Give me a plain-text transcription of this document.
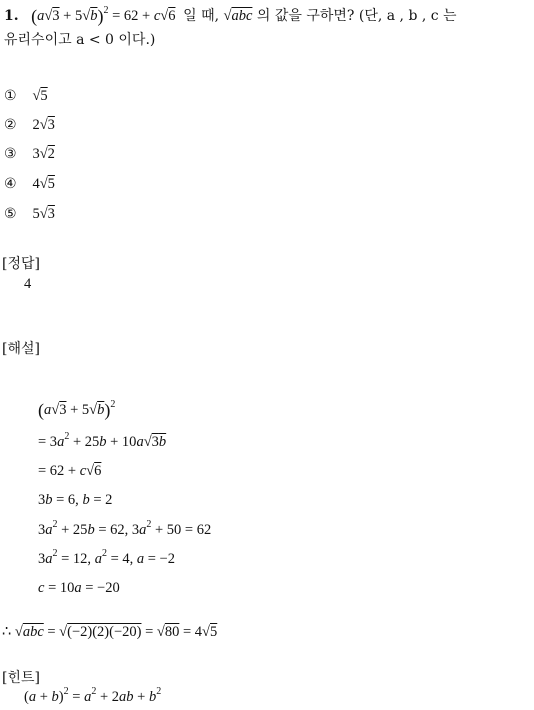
1. $(a√3 + 5√b)^2 = 62 + c√6$ 일 때, √abc 의 값을 구하면? (단, a , b , c 는
유리수이고 a < 0 이다.)
① √5
② 2√3
③ 3√2
④ 4√5
⑤ 5√3
[정답]
4
[해설]
$(a√3 + 5√b)^2$
= $3a^2 + 25b + 10a√3b$
= 62 + c√6
3b = 6, b = 2
$3a^2 + 25b = 62$, $3a^2 + 50 = 62$
$3a^2 = 12$, $a^2 = 4$, a = −2
c = 10a = −20
∴ √abc = √(−2)(2)(−20) = √80 = 4√5
[힌트]
$(a + b)^2 = a^2 + 2ab + b^2$
